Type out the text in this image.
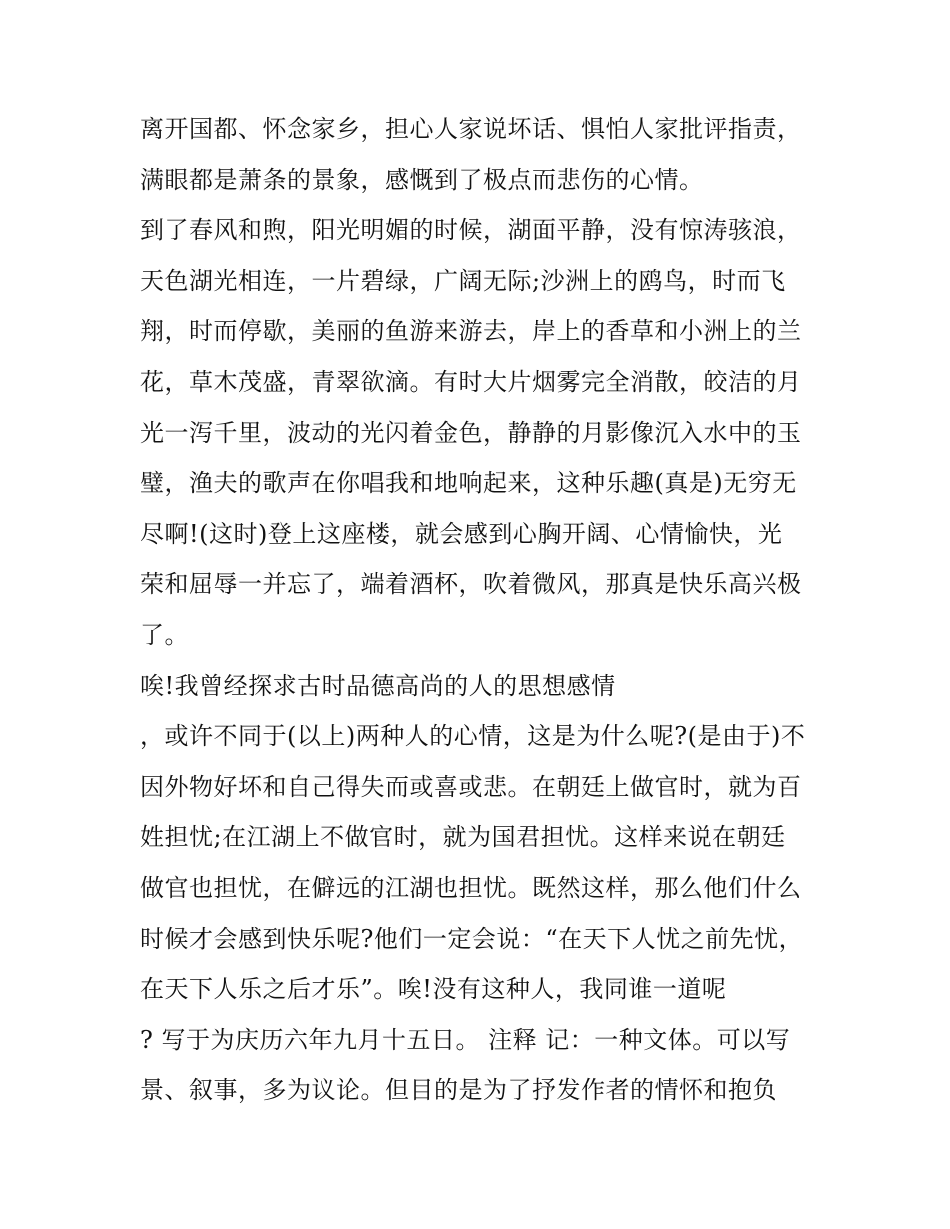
离开国都、怀念家乡，担心人家说坏话、惧怕人家批评指责，
满眼都是萧条的景象，感慨到了极点而悲伤的心情。
到了春风和煦，阳光明媚的时候，湖面平静，没有惊涛骇浪，
天色湖光相连，一片碧绿，广阔无际;沙洲上的鸥鸟，时而飞
翔，时而停歇，美丽的鱼游来游去，岸上的香草和小洲上的兰
花，草木茂盛，青翠欲滴。有时大片烟雾完全消散，皎洁的月
光一泻千里，波动的光闪着金色，静静的月影像沉入水中的玉
璧，渔夫的歌声在你唱我和地响起来，这种乐趣(真是)无穷无
尽啊!(这时)登上这座楼，就会感到心胸开阔、心情愉快，光
荣和屈辱一并忘了，端着酒杯，吹着微风，那真是快乐高兴极
了。
唉!我曾经探求古时品德高尚的人的思想感情
，或许不同于(以上)两种人的心情，这是为什么呢?(是由于)不
因外物好坏和自己得失而或喜或悲。在朝廷上做官时，就为百
姓担忧;在江湖上不做官时，就为国君担忧。这样来说在朝廷
做官也担忧，在僻远的江湖也担忧。既然这样，那么他们什么
时候才会感到快乐呢?他们一定会说：“在天下人忧之前先忧，
在天下人乐之后才乐”。唉!没有这种人，我同谁一道呢
? 写于为庆历六年九月十五日。 注释 记：一种文体。可以写
景、叙事，多为议论。但目的是为了抒发作者的情怀和抱负
